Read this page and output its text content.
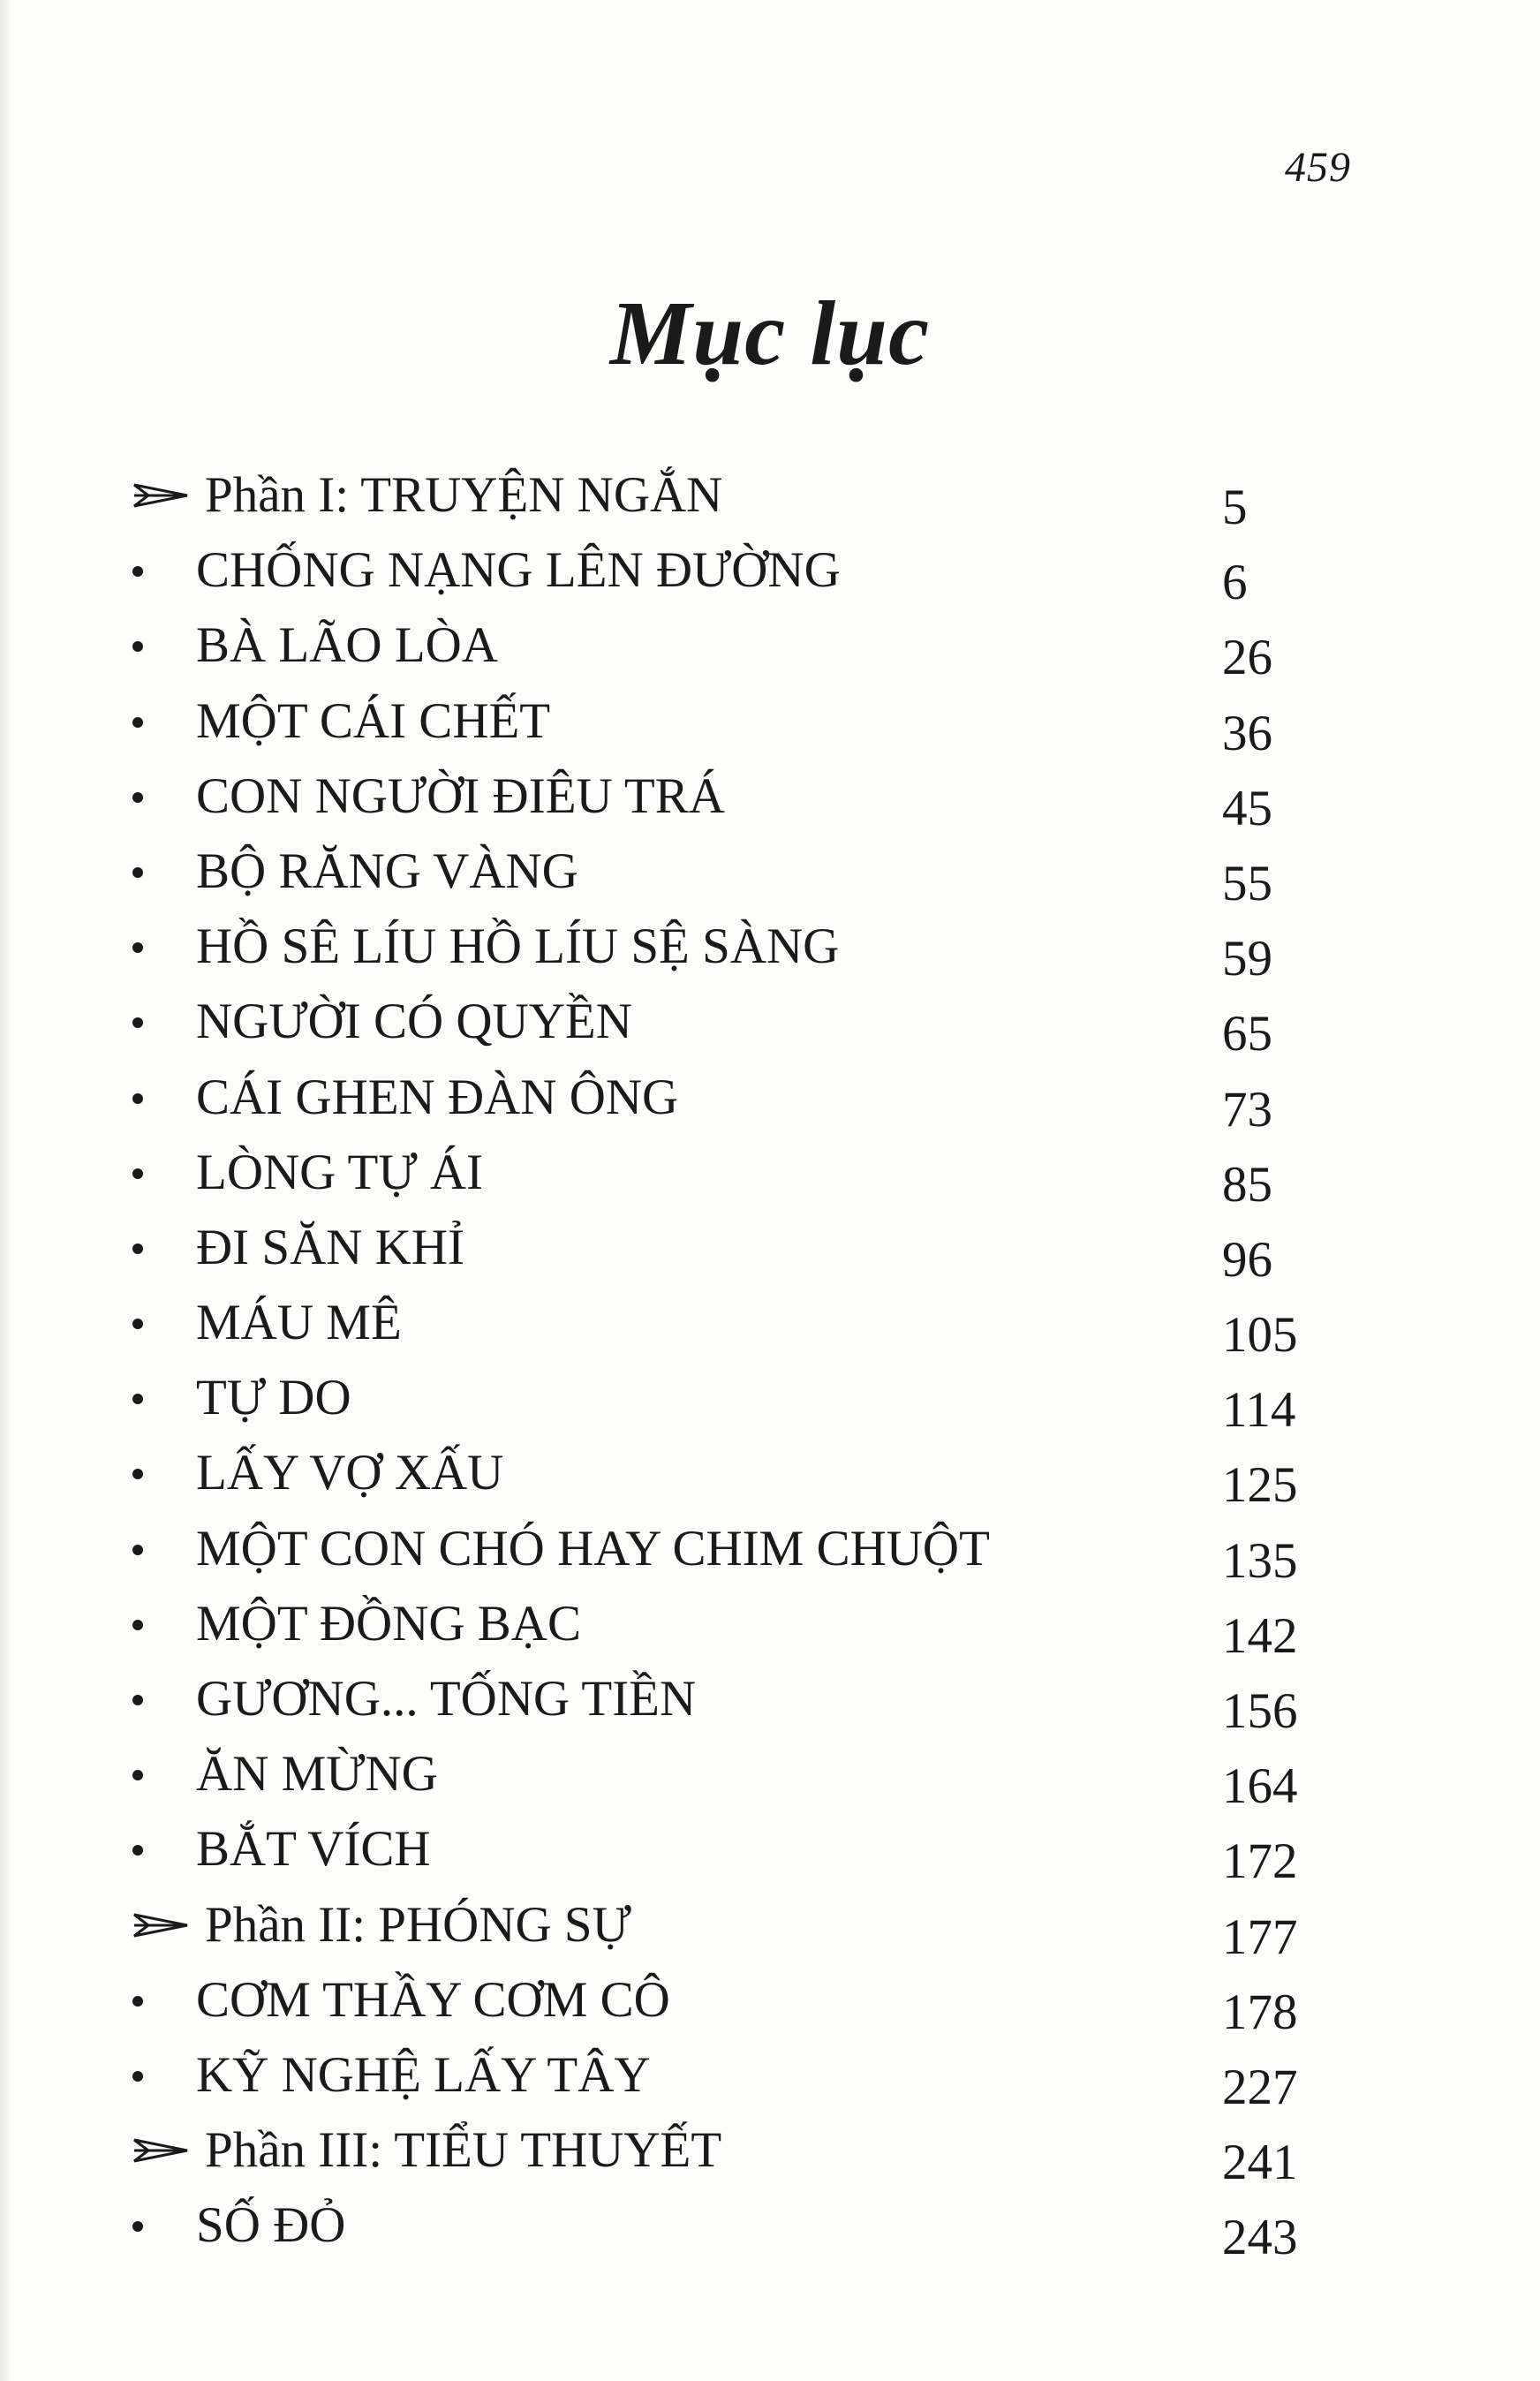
459
Mục lục
Phần I: TRUYỆN NGẮN	5
CHỐNG NẠNG LÊN ĐƯỜNG	6
BÀ LÃO LÒA	26
MỘT CÁI CHẾT	36
CON NGƯỜI ĐIÊU TRÁ	45
BỘ RĂNG VÀNG	55
HỒ SÊ LÍU HỒ LÍU SỆ SÀNG	59
NGƯỜI CÓ QUYỀN	65
CÁI GHEN ĐÀN ÔNG	73
LÒNG TỰ ÁI	85
ĐI SĂN KHỈ	96
MÁU MÊ	105
TỰ DO	114
LẤY VỢ XẤU	125
MỘT CON CHÓ HAY CHIM CHUỘT	135
MỘT ĐỒNG BẠC	142
GƯƠNG... TỐNG TIỀN	156
ĂN MỪNG	164
BẮT VÍCH	172
Phần II: PHÓNG SỰ	177
CƠM THẦY CƠM CÔ	178
KỸ NGHỆ LẤY TÂY	227
Phần III: TIỂU THUYẾT	241
SỐ ĐỎ	243
